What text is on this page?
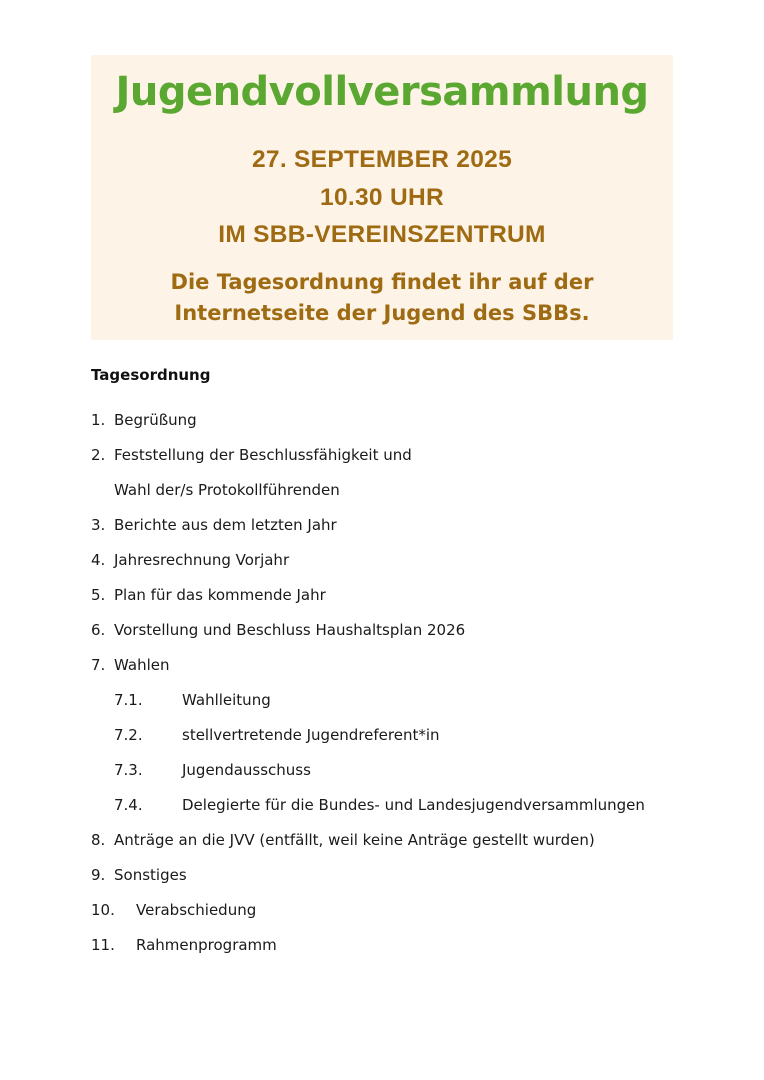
Jugendvollversammlung
27. SEPTEMBER 2025
10.30 UHR
IM SBB-VEREINSZENTRUM
Die Tagesordnung findet ihr auf der
Internetseite der Jugend des SBBs.
Tagesordnung
1. Begrüßung
2. Feststellung der Beschlussfähigkeit und
Wahl der/s Protokollführenden
3. Berichte aus dem letzten Jahr
4. Jahresrechnung Vorjahr
5. Plan für das kommende Jahr
6. Vorstellung und Beschluss Haushaltsplan 2026
7. Wahlen
7.1.	Wahlleitung
7.2.	stellvertretende Jugendreferent*in
7.3.	Jugendausschuss
7.4.	Delegierte für die Bundes- und Landesjugendversammlungen
8. Anträge an die JVV (entfällt, weil keine Anträge gestellt wurden)
9. Sonstiges
10. Verabschiedung
11. Rahmenprogramm
